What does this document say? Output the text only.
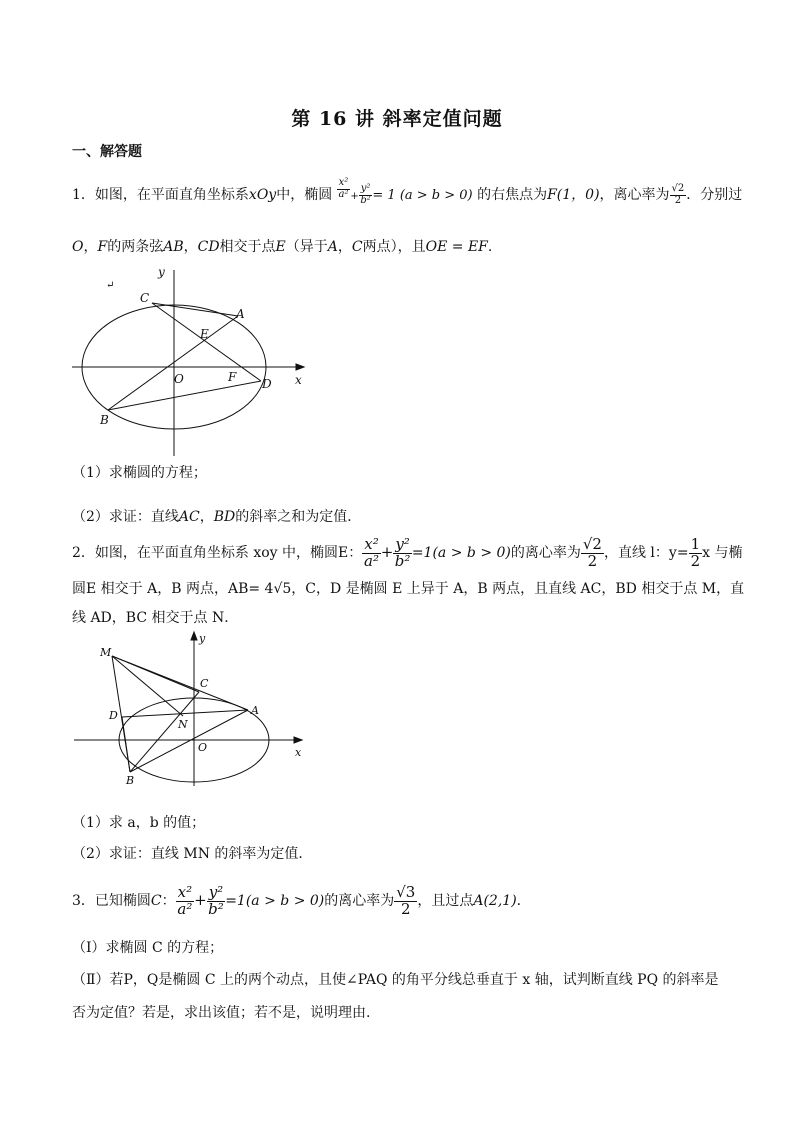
第 16 讲 斜率定值问题
一、解答题
1．如图，在平面直角坐标系xOy中，椭圆 $\frac{\text{x²}}{\text{a²}} + \frac{\text{y²}}{\text{b²}} = 1$ (a > b > 0) 的右焦点为F(1，0)，离心率为 $\frac{√2}{2}$ ．分别过
O，F的两条弦AB，CD相交于点E（异于A，C两点），且OE = EF.
y
↵
C
A
E
O	F D x
B
（1）求椭圆的方程；
（2）求证：直线AC，BD的斜率之和为定值．
2．如图，在平面直角坐标系 xoy 中，椭圆E： $\frac{\text{x²}}{\text{a²}} + \frac{\text{y²}}{\text{b²}} =1(a > b > 0)$的离心率为 $\frac{√2}{2}$ ，直线 l：$y= \frac{1}{2}$ x 与椭
圆E 相交于 A，B 两点，AB= 4√5，C，D 是椭圆 E 上异于 A，B 两点，且直线 AC，BD 相交于点 M，直
线 AD，BC 相交于点 N．
y
M
C
A
D
N
O	x
B
（1）求 a，b 的值；
（2）求证：直线 MN 的斜率为定值．
3．已知椭圆C： $\frac{\text{x²}}{\text{a²}} + \frac{\text{y²}}{\text{b²}} =1(a > b > 0)$的离心率为 $\frac{√3}{2}$ ，且过点A(2,1)．
（Ⅰ）求椭圆 C 的方程；
（Ⅱ）若P，Q是椭圆 C 上的两个动点，且使∠PAQ 的角平分线总垂直于 x 轴，试判断直线 PQ 的斜率是
否为定值？若是，求出该值；若不是，说明理由.
